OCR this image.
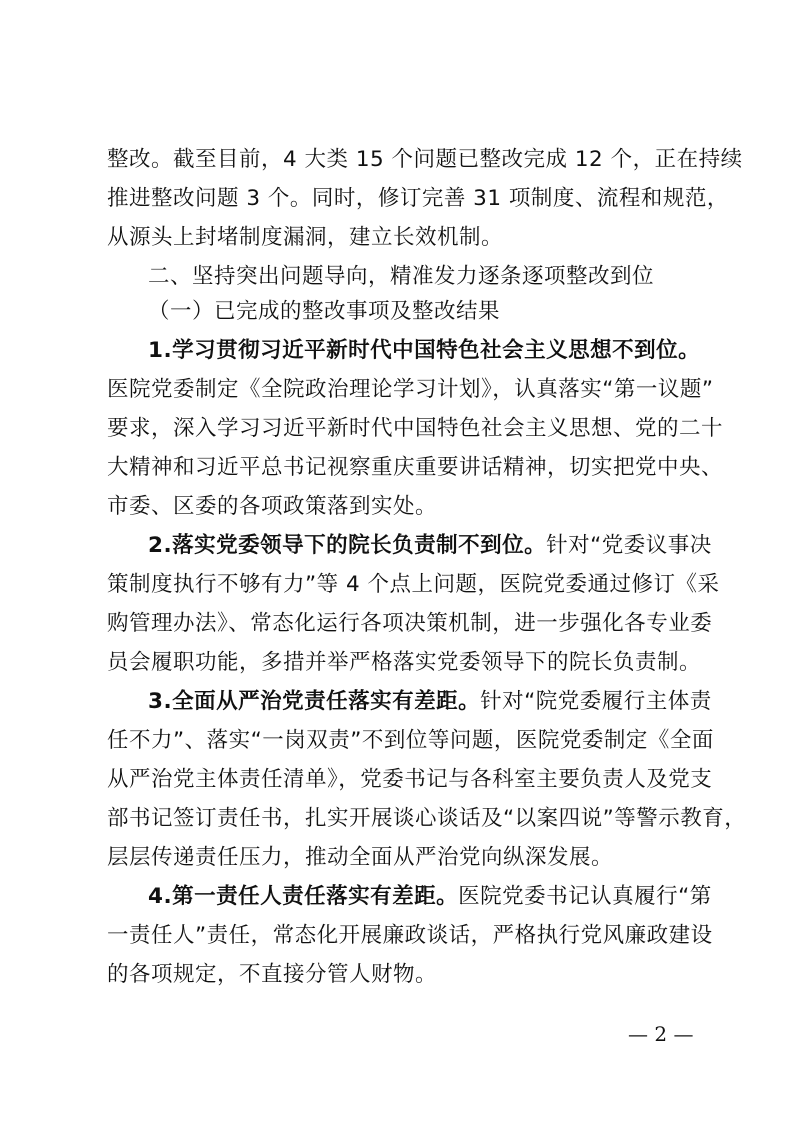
整改。截至目前，4 大类 15 个问题已整改完成 12 个，正在持续
推进整改问题 3 个。同时，修订完善 31 项制度、流程和规范，
从源头上封堵制度漏洞，建立长效机制。
二、坚持突出问题导向，精准发力逐条逐项整改到位
（一）已完成的整改事项及整改结果
1.学习贯彻习近平新时代中国特色社会主义思想不到位。
医院党委制定《全院政治理论学习计划》，认真落实“第一议题”
要求，深入学习习近平新时代中国特色社会主义思想、党的二十
大精神和习近平总书记视察重庆重要讲话精神，切实把党中央、
市委、区委的各项政策落到实处。
2.落实党委领导下的院长负责制不到位。针对“党委议事决
策制度执行不够有力”等 4 个点上问题，医院党委通过修订《采
购管理办法》、常态化运行各项决策机制，进一步强化各专业委
员会履职功能，多措并举严格落实党委领导下的院长负责制。
3.全面从严治党责任落实有差距。针对“院党委履行主体责
任不力”、落实“一岗双责”不到位等问题，医院党委制定《全面
从严治党主体责任清单》，党委书记与各科室主要负责人及党支
部书记签订责任书，扎实开展谈心谈话及“以案四说”等警示教育，
层层传递责任压力，推动全面从严治党向纵深发展。
4.第一责任人责任落实有差距。医院党委书记认真履行“第
一责任人”责任，常态化开展廉政谈话，严格执行党风廉政建设
的各项规定，不直接分管人财物。
— 2 —
